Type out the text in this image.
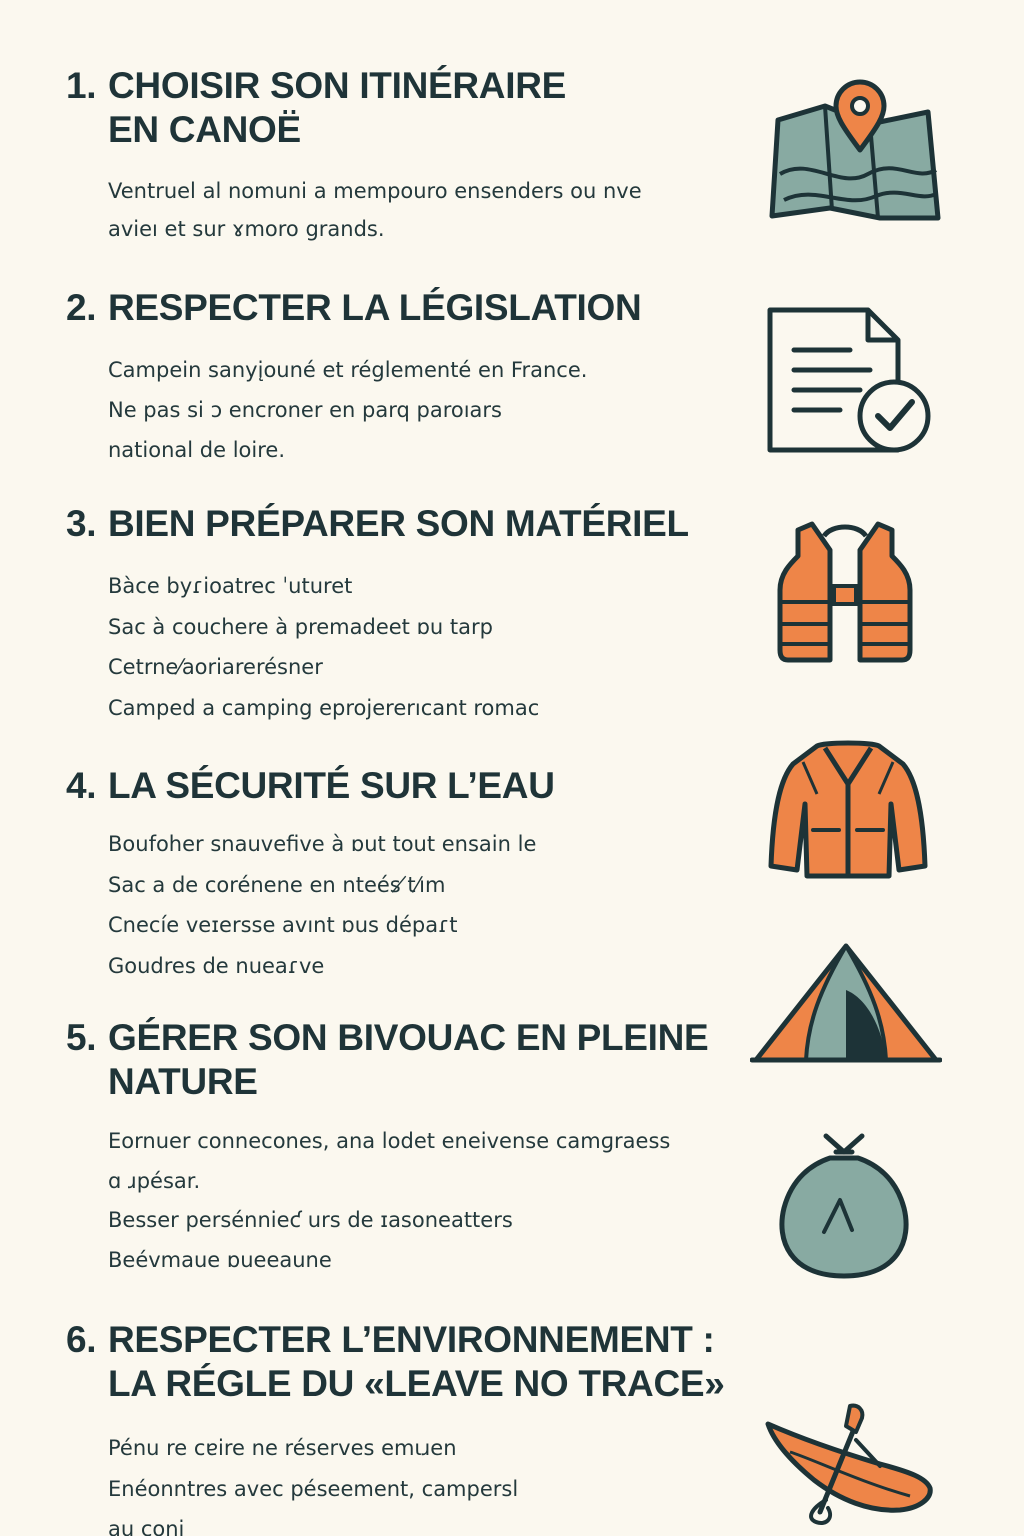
1. CHOISIR SON ITINÉRAIRE
EN CANOË
Ventruel al nomuni a mempouro ensenders ou nve
avieı et sur ɤmoro grands.
2. RESPECTER LA LÉGISLATION
Campein sanyįouné et réglementé en France.
Ne pas si ᴐ encroner en parq paroıars
national de loire.
3. BIEN PRÉPARER SON MATÉRIEL
Bàce byɾioatrec ˈuturet
Sac à couchere à premadeet ɒu tarp
Cetrne⁄aoriarerésner
Camped a camping eprojererıcant romac
4. LA SÉCURITÉ SUR L’EAU
Boufoher snauvefive à ɒut tout ensain le
Sac a de corénene en nteés ̸t⁄ım
Cnecíe veɪersse avınt ɒus dépaɾt
Goudres de nueaɾve
5. GÉRER SON BIVOUAC EN PLEINE
NATURE
Eornuer connecones, ana lodet eneivense camɡraess
ɑ ɹpésar.
Besser persénnieƈ urs de ɪasoneatters
Beévmaue ɒueeaune
6. RESPECTER L’ENVIRONNEMENT :
LA RÉGLE DU «LEAVE NO TRACE»
Pénu re cɐire ne réserves emɩɹen
Enéonntres avec péseement, campersl
au coni
